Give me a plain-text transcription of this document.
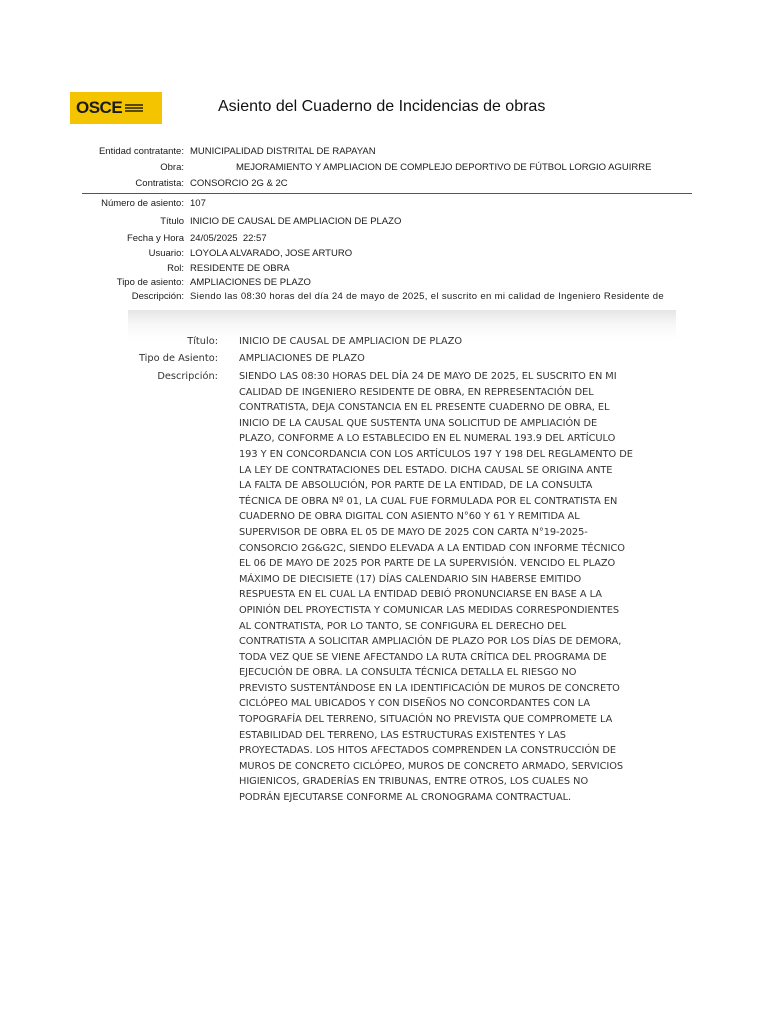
OSCE	Asiento del Cuaderno de Incidencias de obras
Entidad contratante: MUNICIPALIDAD DISTRITAL DE RAPAYAN
Obra:	MEJORAMIENTO Y AMPLIACION DE COMPLEJO DEPORTIVO DE FÚTBOL LORGIO AGUIRRE
Contratista: CONSORCIO 2G & 2C
Número de asiento: 107
Título INICIO DE CAUSAL DE AMPLIACION DE PLAZO
Fecha y Hora 24/05/2025  22:57
Usuario: LOYOLA ALVARADO, JOSE ARTURO
Rol: RESIDENTE DE OBRA
Tipo de asiento: AMPLIACIONES DE PLAZO
Descripción: Siendo las 08:30 horas del día 24 de mayo de 2025, el suscrito en mi calidad de Ingeniero Residente de
Título: INICIO DE CAUSAL DE AMPLIACION DE PLAZO
Tipo de Asiento: AMPLIACIONES DE PLAZO
Descripción: SIENDO LAS 08:30 HORAS DEL DÍA 24 DE MAYO DE 2025, EL SUSCRITO EN MI
CALIDAD DE INGENIERO RESIDENTE DE OBRA, EN REPRESENTACIÓN DEL
CONTRATISTA, DEJA CONSTANCIA EN EL PRESENTE CUADERNO DE OBRA, EL
INICIO DE LA CAUSAL QUE SUSTENTA UNA SOLICITUD DE AMPLIACIÓN DE
PLAZO, CONFORME A LO ESTABLECIDO EN EL NUMERAL 193.9 DEL ARTÍCULO
193 Y EN CONCORDANCIA CON LOS ARTÍCULOS 197 Y 198 DEL REGLAMENTO DE
LA LEY DE CONTRATACIONES DEL ESTADO. DICHA CAUSAL SE ORIGINA ANTE
LA FALTA DE ABSOLUCIÓN, POR PARTE DE LA ENTIDAD, DE LA CONSULTA
TÉCNICA DE OBRA Nº 01, LA CUAL FUE FORMULADA POR EL CONTRATISTA EN
CUADERNO DE OBRA DIGITAL CON ASIENTO N°60 Y 61 Y REMITIDA AL
SUPERVISOR DE OBRA EL 05 DE MAYO DE 2025 CON CARTA N°19-2025-
CONSORCIO 2G&G2C, SIENDO ELEVADA A LA ENTIDAD CON INFORME TÉCNICO
EL 06 DE MAYO DE 2025 POR PARTE DE LA SUPERVISIÓN. VENCIDO EL PLAZO
MÁXIMO DE DIECISIETE (17) DÍAS CALENDARIO SIN HABERSE EMITIDO
RESPUESTA EN EL CUAL LA ENTIDAD DEBIÓ PRONUNCIARSE EN BASE A LA
OPINIÓN DEL PROYECTISTA Y COMUNICAR LAS MEDIDAS CORRESPONDIENTES
AL CONTRATISTA, POR LO TANTO, SE CONFIGURA EL DERECHO DEL
CONTRATISTA A SOLICITAR AMPLIACIÓN DE PLAZO POR LOS DÍAS DE DEMORA,
TODA VEZ QUE SE VIENE AFECTANDO LA RUTA CRÍTICA DEL PROGRAMA DE
EJECUCIÓN DE OBRA. LA CONSULTA TÉCNICA DETALLA EL RIESGO NO
PREVISTO SUSTENTÁNDOSE EN LA IDENTIFICACIÓN DE MUROS DE CONCRETO
CICLÓPEO MAL UBICADOS Y CON DISEÑOS NO CONCORDANTES CON LA
TOPOGRAFÍA DEL TERRENO, SITUACIÓN NO PREVISTA QUE COMPROMETE LA
ESTABILIDAD DEL TERRENO, LAS ESTRUCTURAS EXISTENTES Y LAS
PROYECTADAS. LOS HITOS AFECTADOS COMPRENDEN LA CONSTRUCCIÓN DE
MUROS DE CONCRETO CICLÓPEO, MUROS DE CONCRETO ARMADO, SERVICIOS
HIGIENICOS, GRADERÍAS EN TRIBUNAS, ENTRE OTROS, LOS CUALES NO
PODRÁN EJECUTARSE CONFORME AL CRONOGRAMA CONTRACTUAL.
